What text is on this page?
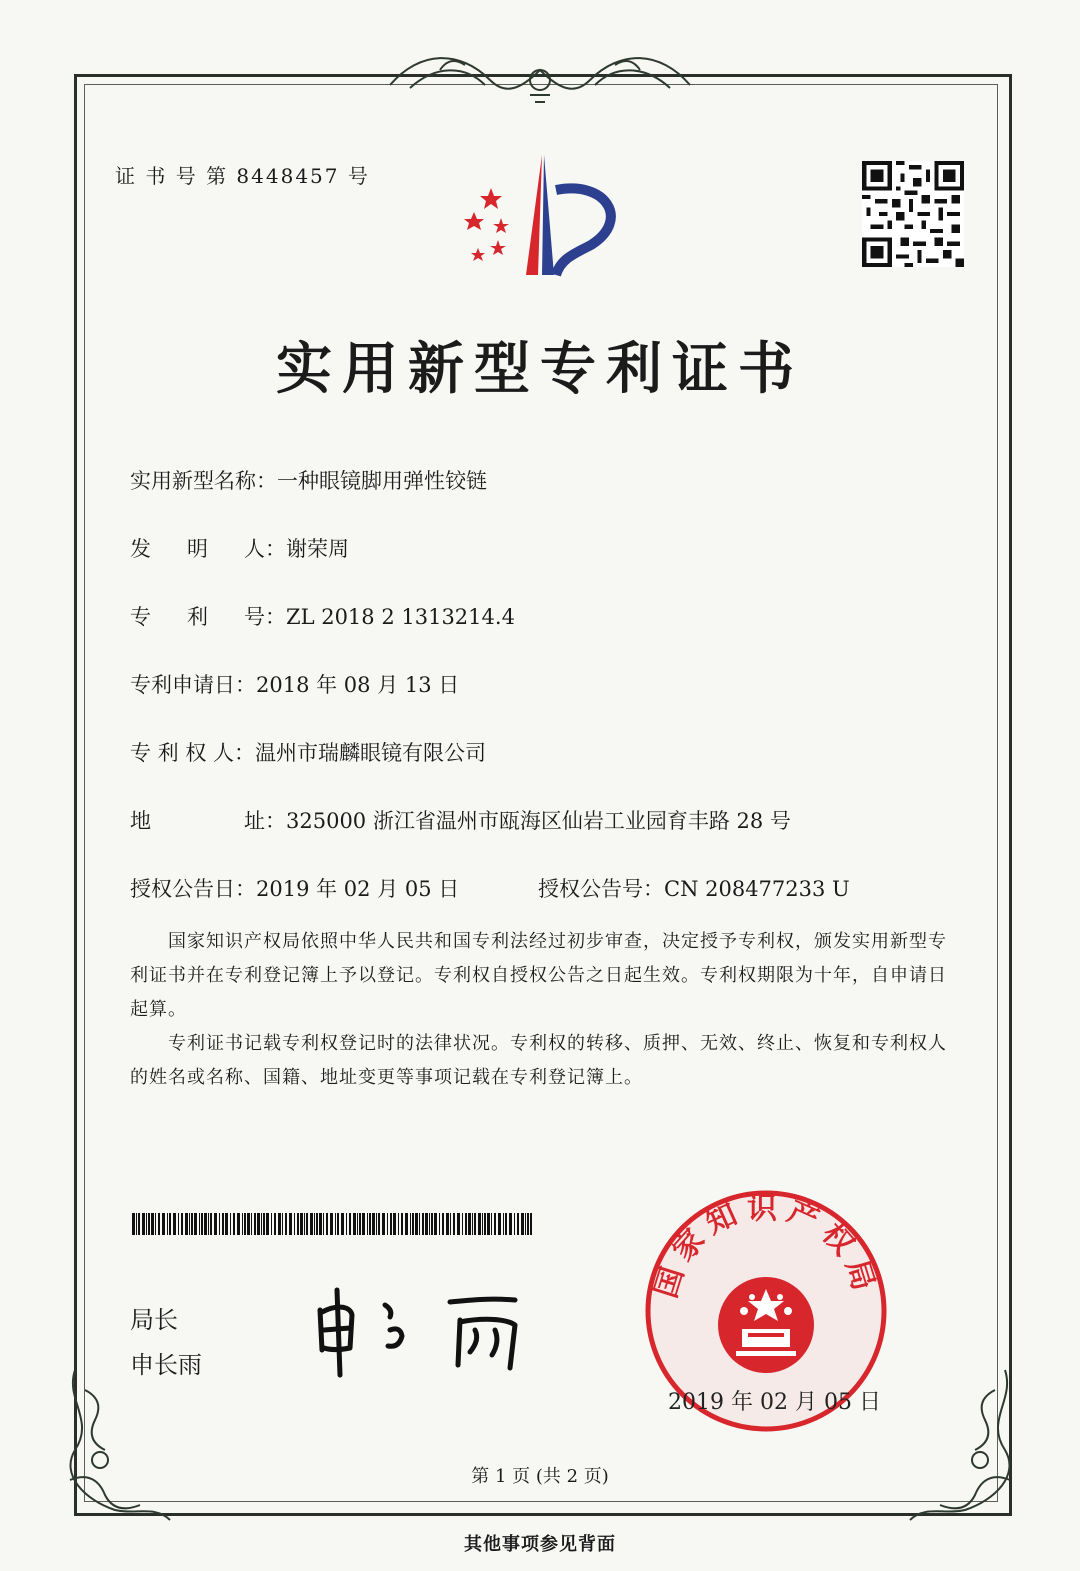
证 书 号 第 8448457 号
实用新型专利证书
实用新型名称：一种眼镜脚用弹性铰链
发 明 人 ：谢荣周
专 利 号 ：ZL 2018 2 1313214.4
专利申请日：2018 年 08 月 13 日
专 利 权 人：温州市瑞麟眼镜有限公司
地	址 ：325000 浙江省温州市瓯海区仙岩工业园育丰路 28 号
授权公告日：2019 年 02 月 05 日	授权公告号：CN 208477233 U

国家知识产权局依照中华人民共和国专利法经过初步审查，决定授予专利权，颁发实用新型专利证书并在专利登记簿上予以登记。专利权自授权公告之日起生效。专利权期限为十年，自申请日起算。

专利证书记载专利权登记时的法律状况。专利权的转移、质押、无效、终止、恢复和专利权人的姓名或名称、国籍、地址变更等事项记载在专利登记簿上。

局长
申长雨
国家知识产权局
2019 年 02 月 05 日
第 1 页 (共 2 页)
其他事项参见背面
